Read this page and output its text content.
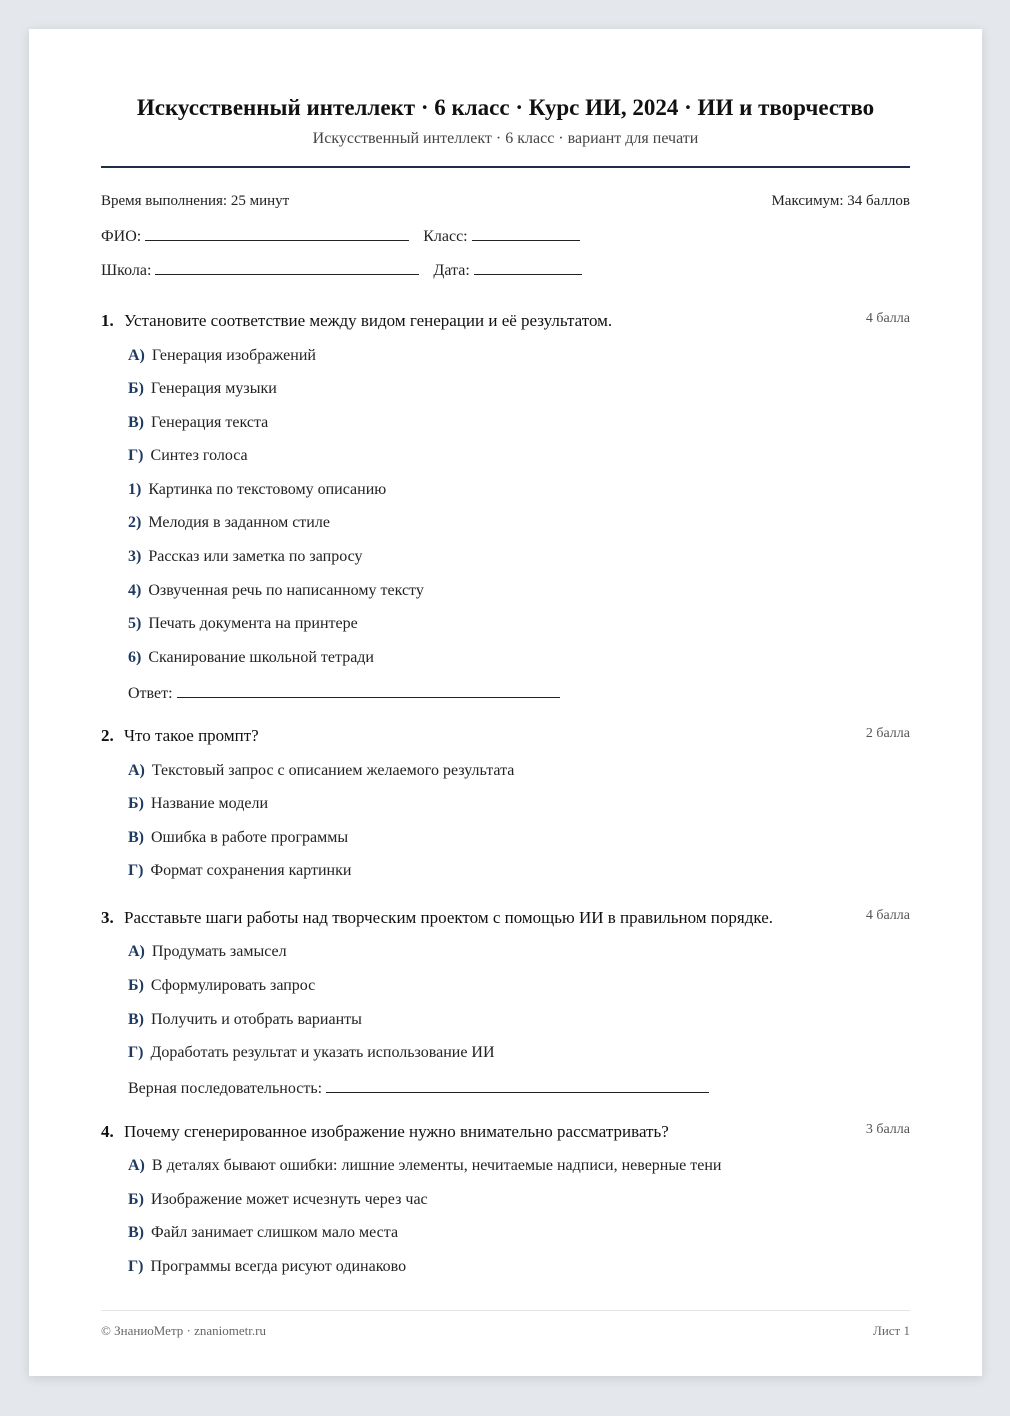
Искусственный интеллект · 6 класс · Курс ИИ, 2024 · ИИ и творчество
Искусственный интеллект · 6 класс · вариант для печати
Время выполнения: 25 минут	Максимум: 34 баллов
ФИО:	Класс:
Школа:	Дата:
1. Установите соответствие между видом генерации и её результатом.	4 балла
А) Генерация изображений
Б) Генерация музыки
В) Генерация текста
Г) Синтез голоса
1) Картинка по текстовому описанию
2) Мелодия в заданном стиле
3) Рассказ или заметка по запросу
4) Озвученная речь по написанному тексту
5) Печать документа на принтере
6) Сканирование школьной тетради
Ответ:
2. Что такое промпт?	2 балла
А) Текстовый запрос с описанием желаемого результата
Б) Название модели
В) Ошибка в работе программы
Г) Формат сохранения картинки
3. Расставьте шаги работы над творческим проектом с помощью ИИ в правильном порядке.	4 балла
А) Продумать замысел
Б) Сформулировать запрос
В) Получить и отобрать варианты
Г) Доработать результат и указать использование ИИ
Верная последовательность:
4. Почему сгенерированное изображение нужно внимательно рассматривать?	3 балла
А) В деталях бывают ошибки: лишние элементы, нечитаемые надписи, неверные тени
Б) Изображение может исчезнуть через час
В) Файл занимает слишком мало места
Г) Программы всегда рисуют одинаково
© ЗнаниоМетр · znaniometr.ru	Лист 1
